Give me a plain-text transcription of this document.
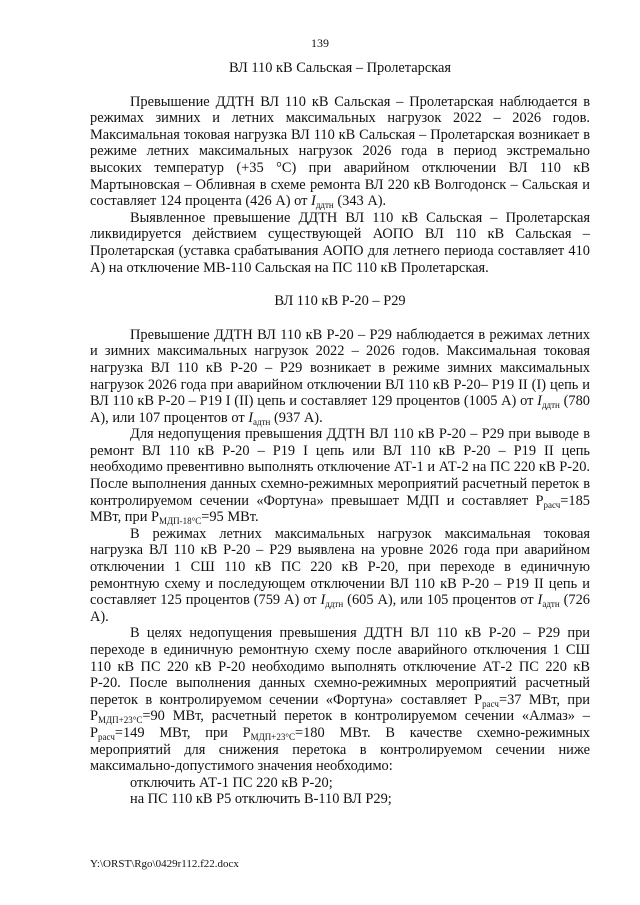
139
ВЛ 110 кВ Сальская – Пролетарская

Превышение ДДТН ВЛ 110 кВ Сальская – Пролетарская наблюдается в режимах зимних и летних максимальных нагрузок 2022 – 2026 годов. Максимальная токовая нагрузка ВЛ 110 кВ Сальская – Пролетарская возникает в режиме летних максимальных нагрузок 2026 года в период экстремально высоких температур (+35 °С) при аварийном отключении ВЛ 110 кВ Мартыновская – Обливная в схеме ремонта ВЛ 220 кВ Волгодонск – Сальская и составляет 124 процента (426 А) от $I_{ддтн}$ (343 А).

Выявленное превышение ДДТН ВЛ 110 кВ Сальская – Пролетарская ликвидируется действием существующей АОПО ВЛ 110 кВ Сальская – Пролетарская (уставка срабатывания АОПО для летнего периода составляет 410 А) на отключение МВ-110 Сальская на ПС 110 кВ Пролетарская.

ВЛ 110 кВ Р-20 – Р29

Превышение ДДТН ВЛ 110 кВ Р-20 – Р29 наблюдается в режимах летних и зимних максимальных нагрузок 2022 – 2026 годов. Максимальная токовая нагрузка ВЛ 110 кВ Р-20 – Р29 возникает в режиме зимних максимальных нагрузок 2026 года при аварийном отключении ВЛ 110 кВ Р-20– Р19 II (I) цепь и ВЛ 110 кВ Р-20 – Р19 I (II) цепь и составляет 129 процентов (1005 А) от $I_{ддтн}$ (780 А), или 107 процентов от $I_{адтн}$ (937 А).

Для недопущения превышения ДДТН ВЛ 110 кВ Р-20 – Р29 при выводе в ремонт ВЛ 110 кВ Р-20 – Р19 I цепь или ВЛ 110 кВ Р-20 – Р19 II цепь необходимо превентивно выполнять отключение АТ-1 и АТ-2 на ПС 220 кВ Р-20. После выполнения данных схемно-режимных мероприятий расчетный переток в контролируемом сечении «Фортуна» превышает МДП и составляет $Р_{расч}=185$ МВт, при $Р_{МДП-18^\circ С}=95$ МВт.

В режимах летних максимальных нагрузок максимальная токовая нагрузка ВЛ 110 кВ Р-20 – Р29 выявлена на уровне 2026 года при аварийном отключении 1 СШ 110 кВ ПС 220 кВ Р-20, при переходе в единичную ремонтную схему и последующем отключении ВЛ 110 кВ Р-20 – Р19 II цепь и составляет 125 процентов (759 А) от $I_{ддтн}$ (605 А), или 105 процентов от $I_{адтн}$ (726 А).

В целях недопущения превышения ДДТН ВЛ 110 кВ Р-20 – Р29 при переходе в единичную ремонтную схему после аварийного отключения 1 СШ 110 кВ ПС 220 кВ Р-20 необходимо выполнять отключение АТ-2 ПС 220 кВ Р-20. После выполнения данных схемно-режимных мероприятий расчетный переток в контролируемом сечении «Фортуна» составляет $Р_{расч}=37$ МВт, при $Р_{МДП+23^\circ С}=90$ МВт, расчетный переток в контролируемом сечении «Алмаз» – $Р_{расч}=149$ МВт, при $Р_{МДП+23^\circ С}=180$ МВт. В качестве схемно-режимных мероприятий для снижения перетока в контролируемом сечении ниже максимально-допустимого значения необходимо:

отключить АТ-1 ПС 220 кВ Р-20;

на ПС 110 кВ Р5 отключить В-110 ВЛ Р29;

Y:\ORST\Rgo\0429r112.f22.docx
